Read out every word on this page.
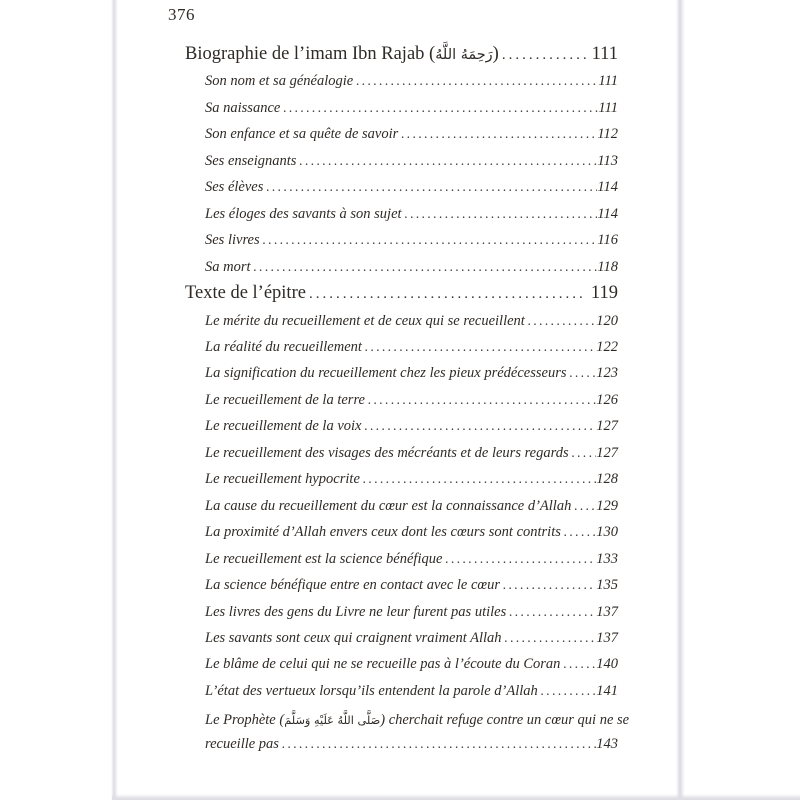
376
Biographie de l’imam Ibn Rajab (رَحِمَهُ اللَّهُ) .....	111
Son nom et sa généalogie .....	111
Sa naissance .....	111
Son enfance et sa quête de savoir .....	112
Ses enseignants .....	113
Ses élèves .....	114
Les éloges des savants à son sujet .....	114
Ses livres .....	116
Sa mort .....	118
Texte de l’épitre .....	119
Le mérite du recueillement et de ceux qui se recueillent .....	120
La réalité du recueillement .....	122
La signification du recueillement chez les pieux prédécesseurs ..... 123
Le recueillement de la terre .....	126
Le recueillement de la voix .....	127
Le recueillement des visages des mécréants et de leurs regards ..... 127
Le recueillement hypocrite .....	128
La cause du recueillement du cœur est la connaissance d’Allah ..... 129
La proximité d’Allah envers ceux dont les cœurs sont contrits ..... 130
Le recueillement est la science bénéfique .....	133
La science bénéfique entre en contact avec le cœur .....	135
Les livres des gens du Livre ne leur furent pas utiles .....	137
Les savants sont ceux qui craignent vraiment Allah .....	137
Le blâme de celui qui ne se recueille pas à l’écoute du Coran ..... 140
L’état des vertueux lorsqu’ils entendent la parole d’Allah .....	141
Le Prophète (صَلَّى اللَّهُ عَلَيْهِ وَسَلَّمَ) cherchait refuge contre un cœur qui ne se
recueille pas .....	143
